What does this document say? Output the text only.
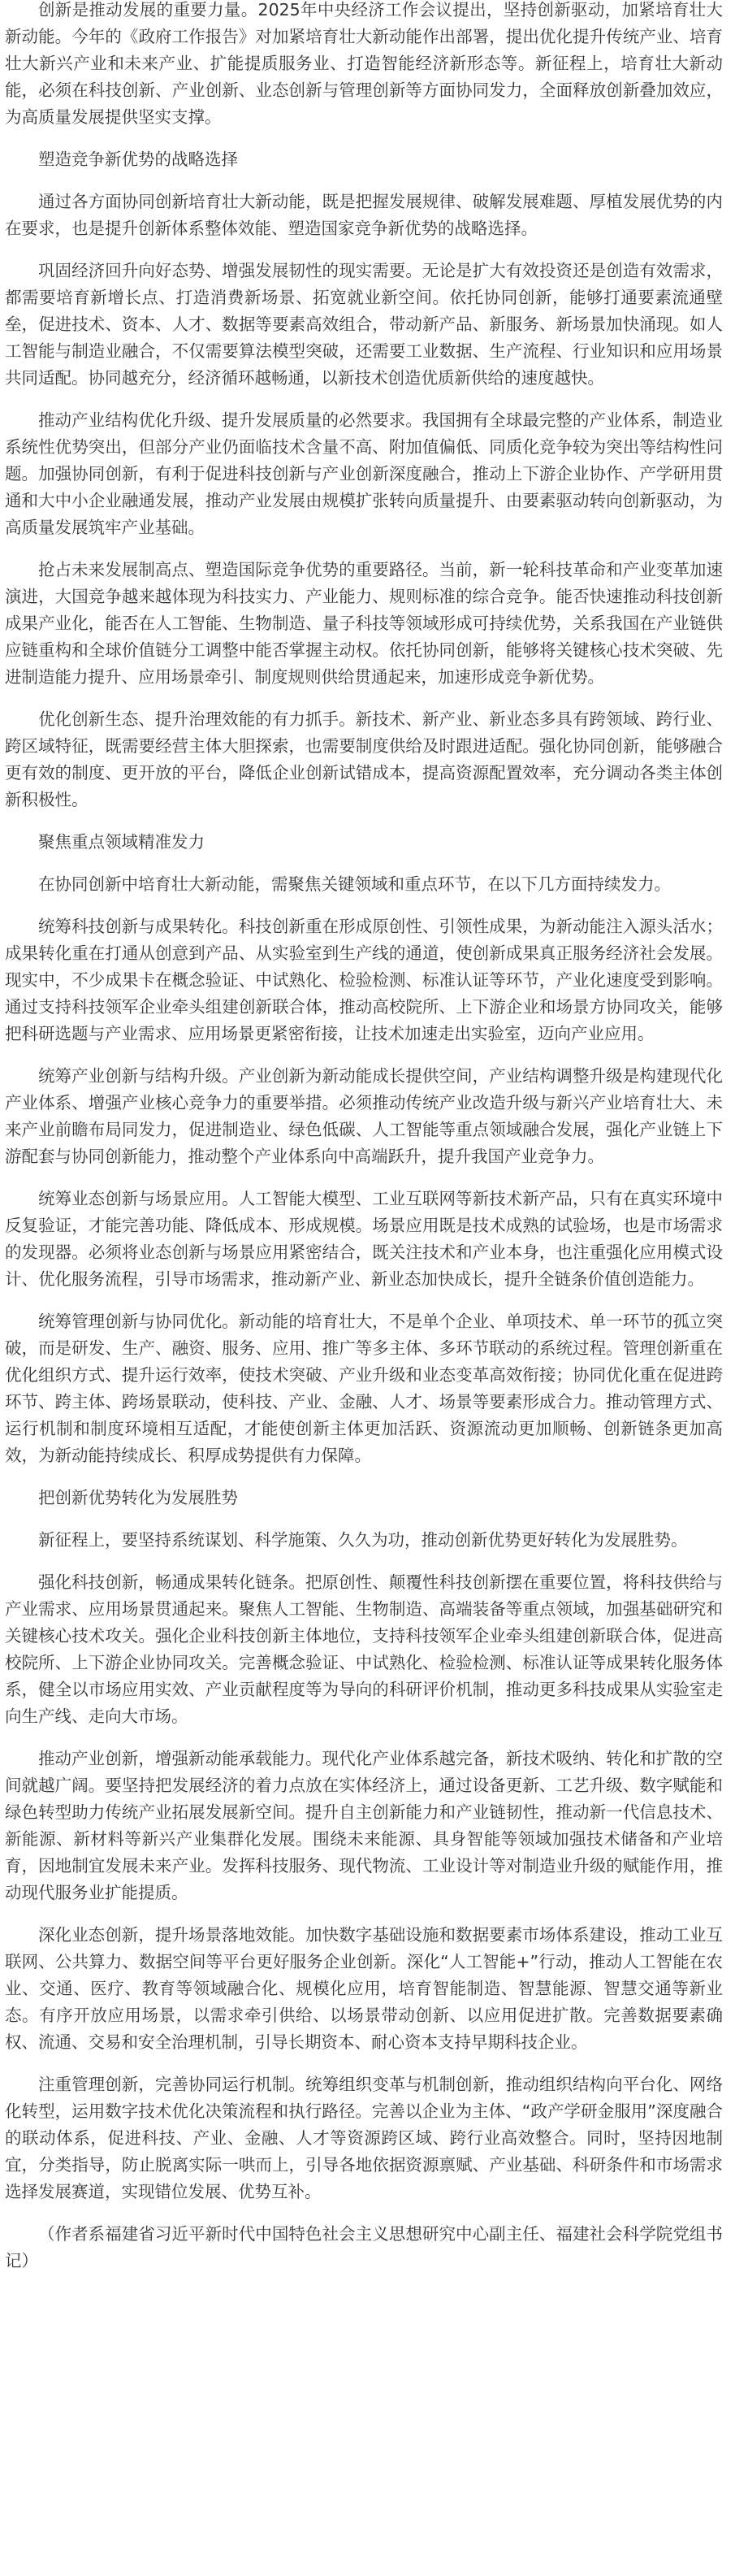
创新是推动发展的重要力量。2025年中央经济工作会议提出，坚持创新驱动，加紧培育壮大新动能。今年的《政府工作报告》对加紧培育壮大新动能作出部署，提出优化提升传统产业、培育壮大新兴产业和未来产业、扩能提质服务业、打造智能经济新形态等。新征程上，培育壮大新动能，必须在科技创新、产业创新、业态创新与管理创新等方面协同发力，全面释放创新叠加效应，为高质量发展提供坚实支撑。

塑造竞争新优势的战略选择

通过各方面协同创新培育壮大新动能，既是把握发展规律、破解发展难题、厚植发展优势的内在要求，也是提升创新体系整体效能、塑造国家竞争新优势的战略选择。

巩固经济回升向好态势、增强发展韧性的现实需要。无论是扩大有效投资还是创造有效需求，都需要培育新增长点、打造消费新场景、拓宽就业新空间。依托协同创新，能够打通要素流通壁垒，促进技术、资本、人才、数据等要素高效组合，带动新产品、新服务、新场景加快涌现。如人工智能与制造业融合，不仅需要算法模型突破，还需要工业数据、生产流程、行业知识和应用场景共同适配。协同越充分，经济循环越畅通，以新技术创造优质新供给的速度越快。

推动产业结构优化升级、提升发展质量的必然要求。我国拥有全球最完整的产业体系，制造业系统性优势突出，但部分产业仍面临技术含量不高、附加值偏低、同质化竞争较为突出等结构性问题。加强协同创新，有利于促进科技创新与产业创新深度融合，推动上下游企业协作、产学研用贯通和大中小企业融通发展，推动产业发展由规模扩张转向质量提升、由要素驱动转向创新驱动，为高质量发展筑牢产业基础。

抢占未来发展制高点、塑造国际竞争优势的重要路径。当前，新一轮科技革命和产业变革加速演进，大国竞争越来越体现为科技实力、产业能力、规则标准的综合竞争。能否快速推动科技创新成果产业化，能否在人工智能、生物制造、量子科技等领域形成可持续优势，关系我国在产业链供应链重构和全球价值链分工调整中能否掌握主动权。依托协同创新，能够将关键核心技术突破、先进制造能力提升、应用场景牵引、制度规则供给贯通起来，加速形成竞争新优势。

优化创新生态、提升治理效能的有力抓手。新技术、新产业、新业态多具有跨领域、跨行业、跨区域特征，既需要经营主体大胆探索，也需要制度供给及时跟进适配。强化协同创新，能够融合更有效的制度、更开放的平台，降低企业创新试错成本，提高资源配置效率，充分调动各类主体创新积极性。

聚焦重点领域精准发力

在协同创新中培育壮大新动能，需聚焦关键领域和重点环节，在以下几方面持续发力。

统筹科技创新与成果转化。科技创新重在形成原创性、引领性成果，为新动能注入源头活水；成果转化重在打通从创意到产品、从实验室到生产线的通道，使创新成果真正服务经济社会发展。现实中，不少成果卡在概念验证、中试熟化、检验检测、标准认证等环节，产业化速度受到影响。通过支持科技领军企业牵头组建创新联合体，推动高校院所、上下游企业和场景方协同攻关，能够把科研选题与产业需求、应用场景更紧密衔接，让技术加速走出实验室，迈向产业应用。

统筹产业创新与结构升级。产业创新为新动能成长提供空间，产业结构调整升级是构建现代化产业体系、增强产业核心竞争力的重要举措。必须推动传统产业改造升级与新兴产业培育壮大、未来产业前瞻布局同发力，促进制造业、绿色低碳、人工智能等重点领域融合发展，强化产业链上下游配套与协同创新能力，推动整个产业体系向中高端跃升，提升我国产业竞争力。

统筹业态创新与场景应用。人工智能大模型、工业互联网等新技术新产品，只有在真实环境中反复验证，才能完善功能、降低成本、形成规模。场景应用既是技术成熟的试验场，也是市场需求的发现器。必须将业态创新与场景应用紧密结合，既关注技术和产业本身，也注重强化应用模式设计、优化服务流程，引导市场需求，推动新产业、新业态加快成长，提升全链条价值创造能力。

统筹管理创新与协同优化。新动能的培育壮大，不是单个企业、单项技术、单一环节的孤立突破，而是研发、生产、融资、服务、应用、推广等多主体、多环节联动的系统过程。管理创新重在优化组织方式、提升运行效率，使技术突破、产业升级和业态变革高效衔接；协同优化重在促进跨环节、跨主体、跨场景联动，使科技、产业、金融、人才、场景等要素形成合力。推动管理方式、运行机制和制度环境相互适配，才能使创新主体更加活跃、资源流动更加顺畅、创新链条更加高效，为新动能持续成长、积厚成势提供有力保障。

把创新优势转化为发展胜势

新征程上，要坚持系统谋划、科学施策、久久为功，推动创新优势更好转化为发展胜势。

强化科技创新，畅通成果转化链条。把原创性、颠覆性科技创新摆在重要位置，将科技供给与产业需求、应用场景贯通起来。聚焦人工智能、生物制造、高端装备等重点领域，加强基础研究和关键核心技术攻关。强化企业科技创新主体地位，支持科技领军企业牵头组建创新联合体，促进高校院所、上下游企业协同攻关。完善概念验证、中试熟化、检验检测、标准认证等成果转化服务体系，健全以市场应用实效、产业贡献程度等为导向的科研评价机制，推动更多科技成果从实验室走向生产线、走向大市场。

推动产业创新，增强新动能承载能力。现代化产业体系越完备，新技术吸纳、转化和扩散的空间就越广阔。要坚持把发展经济的着力点放在实体经济上，通过设备更新、工艺升级、数字赋能和绿色转型助力传统产业拓展发展新空间。提升自主创新能力和产业链韧性，推动新一代信息技术、新能源、新材料等新兴产业集群化发展。围绕未来能源、具身智能等领域加强技术储备和产业培育，因地制宜发展未来产业。发挥科技服务、现代物流、工业设计等对制造业升级的赋能作用，推动现代服务业扩能提质。

深化业态创新，提升场景落地效能。加快数字基础设施和数据要素市场体系建设，推动工业互联网、公共算力、数据空间等平台更好服务企业创新。深化“人工智能+”行动，推动人工智能在农业、交通、医疗、教育等领域融合化、规模化应用，培育智能制造、智慧能源、智慧交通等新业态。有序开放应用场景，以需求牵引供给、以场景带动创新、以应用促进扩散。完善数据要素确权、流通、交易和安全治理机制，引导长期资本、耐心资本支持早期科技企业。

注重管理创新，完善协同运行机制。统筹组织变革与机制创新，推动组织结构向平台化、网络化转型，运用数字技术优化决策流程和执行路径。完善以企业为主体、“政产学研金服用”深度融合的联动体系，促进科技、产业、金融、人才等资源跨区域、跨行业高效整合。同时，坚持因地制宜，分类指导，防止脱离实际一哄而上，引导各地依据资源禀赋、产业基础、科研条件和市场需求选择发展赛道，实现错位发展、优势互补。

（作者系福建省习近平新时代中国特色社会主义思想研究中心副主任、福建社会科学院党组书记）
